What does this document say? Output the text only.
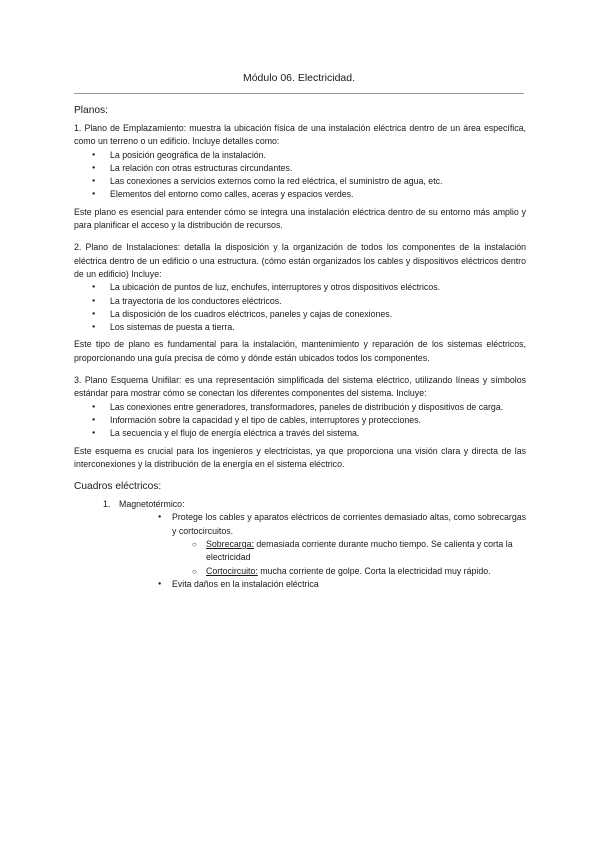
Módulo 06. Electricidad.

Planos:

1. Plano de Emplazamiento: muestra la ubicación física de una instalación eléctrica dentro de un área específica, como un terreno o un edificio. Incluye detalles como:

● La posición geográfica de la instalación.
● La relación con otras estructuras circundantes.
● Las conexiones a servicios externos como la red eléctrica, el suministro de agua, etc.
● Elementos del entorno como calles, aceras y espacios verdes.

Este plano es esencial para entender cómo se integra una instalación eléctrica dentro de su entorno más amplio y para planificar el acceso y la distribución de recursos.

2. Plano de Instalaciones: detalla la disposición y la organización de todos los componentes de la instalación eléctrica dentro de un edificio o una estructura. (cómo están organizados los cables y dispositivos eléctricos dentro de un edificio) Incluye:

● La ubicación de puntos de luz, enchufes, interruptores y otros dispositivos eléctricos.
● La trayectoria de los conductores eléctricos.
● La disposición de los cuadros eléctricos, paneles y cajas de conexiones.
● Los sistemas de puesta a tierra.

Este tipo de plano es fundamental para la instalación, mantenimiento y reparación de los sistemas eléctricos, proporcionando una guía precisa de cómo y dónde están ubicados todos los componentes.

3. Plano Esquema Unifilar: es una representación simplificada del sistema eléctrico, utilizando líneas y símbolos estándar para mostrar cómo se conectan los diferentes componentes del sistema. Incluye:

● Las conexiones entre generadores, transformadores, paneles de distribución y dispositivos de carga.
● Información sobre la capacidad y el tipo de cables, interruptores y protecciones.
● La secuencia y el flujo de energía eléctrica a través del sistema.

Este esquema es crucial para los ingenieros y electricistas, ya que proporciona una visión clara y directa de las interconexiones y la distribución de la energía en el sistema eléctrico.

Cuadros eléctricos:

1. Magnetotérmico:
● Protege los cables y aparatos eléctricos de corrientes demasiado altas, como sobrecargas y cortocircuitos.
○ Sobrecarga: demasiada corriente durante mucho tiempo. Se calienta y corta la electricidad
○ Cortocircuito: mucha corriente de golpe. Corta la electricidad muy rápido.
● Evita daños en la instalación eléctrica
